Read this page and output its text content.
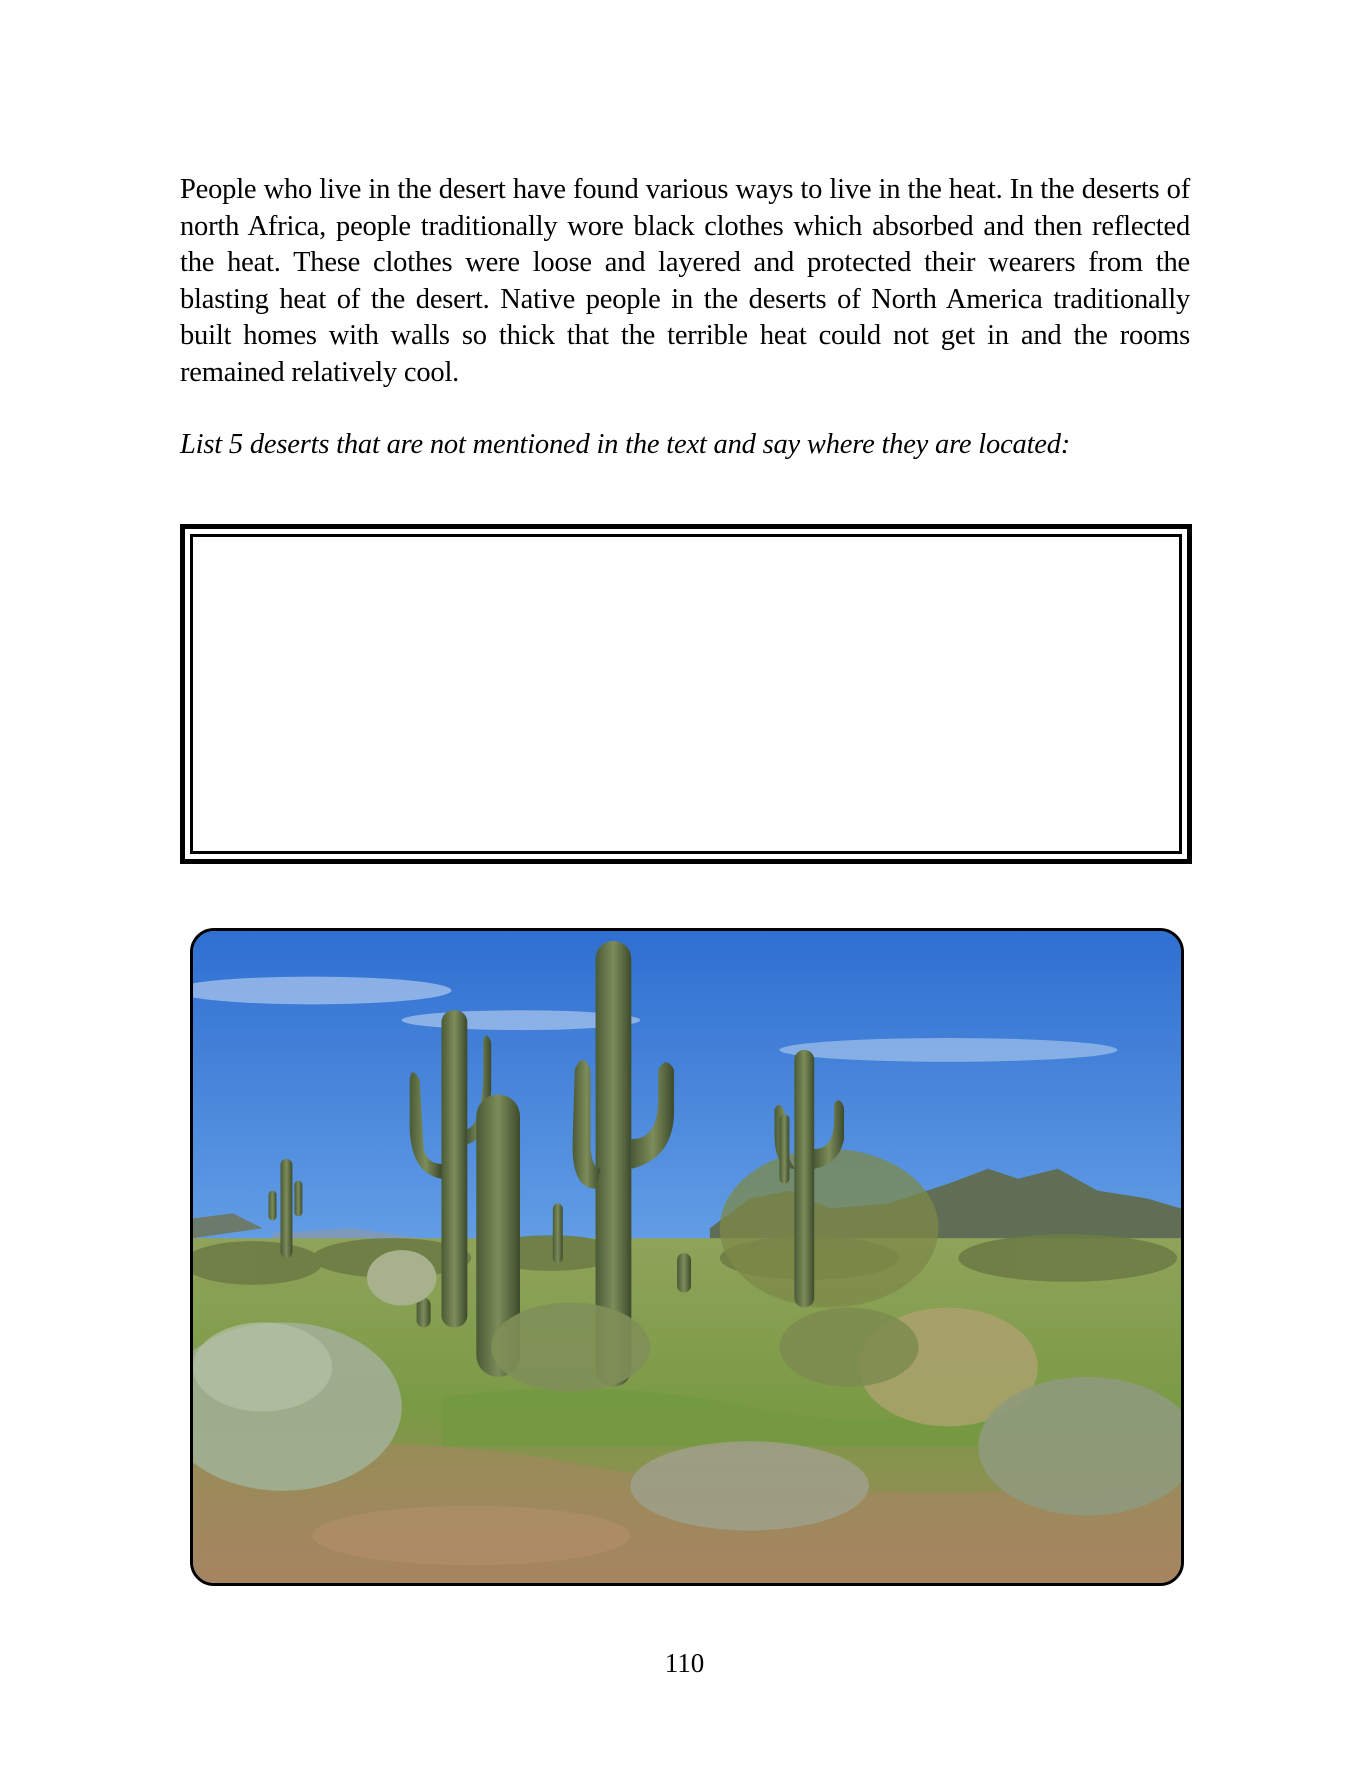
People who live in the desert have found various ways to live in the heat. In the deserts of north Africa, people traditionally wore black clothes which absorbed and then reflected the heat. These clothes were loose and layered and protected their wearers from the blasting heat of the desert. Native people in the deserts of North America traditionally built homes with walls so thick that the terrible heat could not get in and the rooms remained relatively cool.

List 5 deserts that are not mentioned in the text and say where they are located:

110
